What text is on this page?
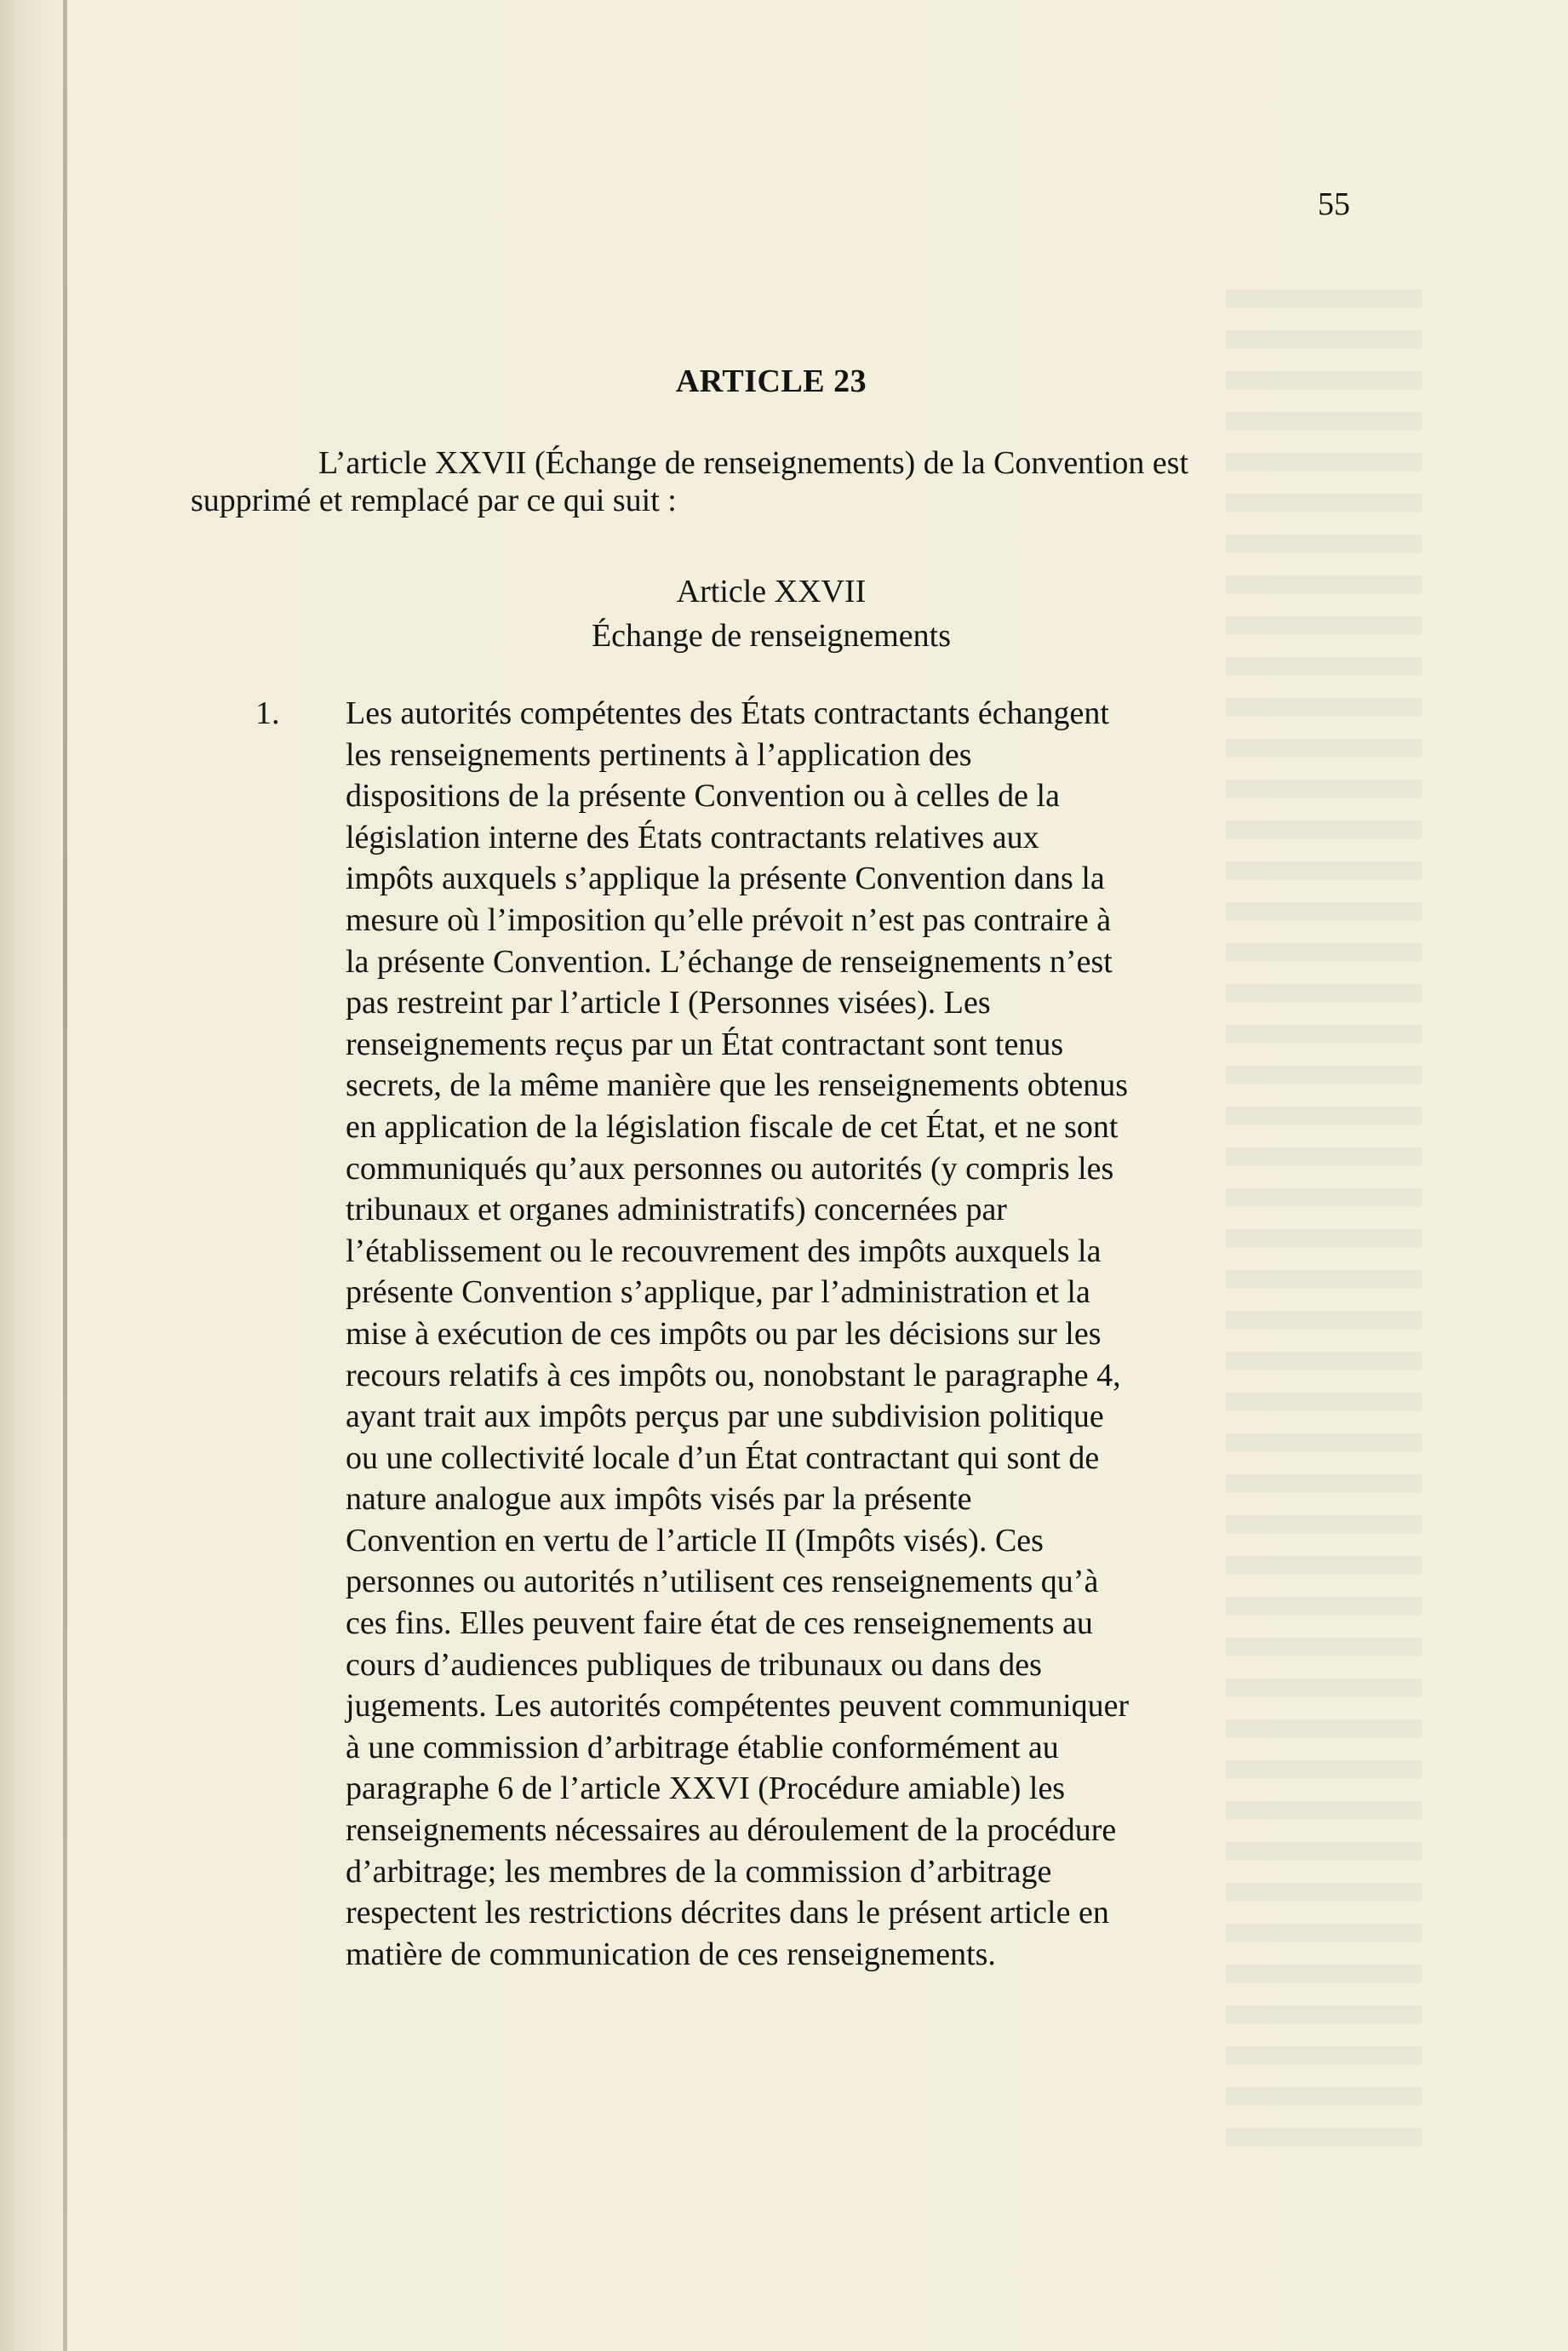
55
ARTICLE 23
L’article XXVII (Échange de renseignements) de la Convention est supprimé et remplacé par ce qui suit :
Article XXVII
Échange de renseignements
1. Les autorités compétentes des États contractants échangent
les renseignements pertinents à l’application des
dispositions de la présente Convention ou à celles de la
législation interne des États contractants relatives aux
impôts auxquels s’applique la présente Convention dans la
mesure où l’imposition qu’elle prévoit n’est pas contraire à
la présente Convention. L’échange de renseignements n’est
pas restreint par l’article I (Personnes visées). Les
renseignements reçus par un État contractant sont tenus
secrets, de la même manière que les renseignements obtenus
en application de la législation fiscale de cet État, et ne sont
communiqués qu’aux personnes ou autorités (y compris les
tribunaux et organes administratifs) concernées par
l’établissement ou le recouvrement des impôts auxquels la
présente Convention s’applique, par l’administration et la
mise à exécution de ces impôts ou par les décisions sur les
recours relatifs à ces impôts ou, nonobstant le paragraphe 4,
ayant trait aux impôts perçus par une subdivision politique
ou une collectivité locale d’un État contractant qui sont de
nature analogue aux impôts visés par la présente
Convention en vertu de l’article II (Impôts visés). Ces
personnes ou autorités n’utilisent ces renseignements qu’à
ces fins. Elles peuvent faire état de ces renseignements au
cours d’audiences publiques de tribunaux ou dans des
jugements. Les autorités compétentes peuvent communiquer
à une commission d’arbitrage établie conformément au
paragraphe 6 de l’article XXVI (Procédure amiable) les
renseignements nécessaires au déroulement de la procédure
d’arbitrage; les membres de la commission d’arbitrage
respectent les restrictions décrites dans le présent article en
matière de communication de ces renseignements.
